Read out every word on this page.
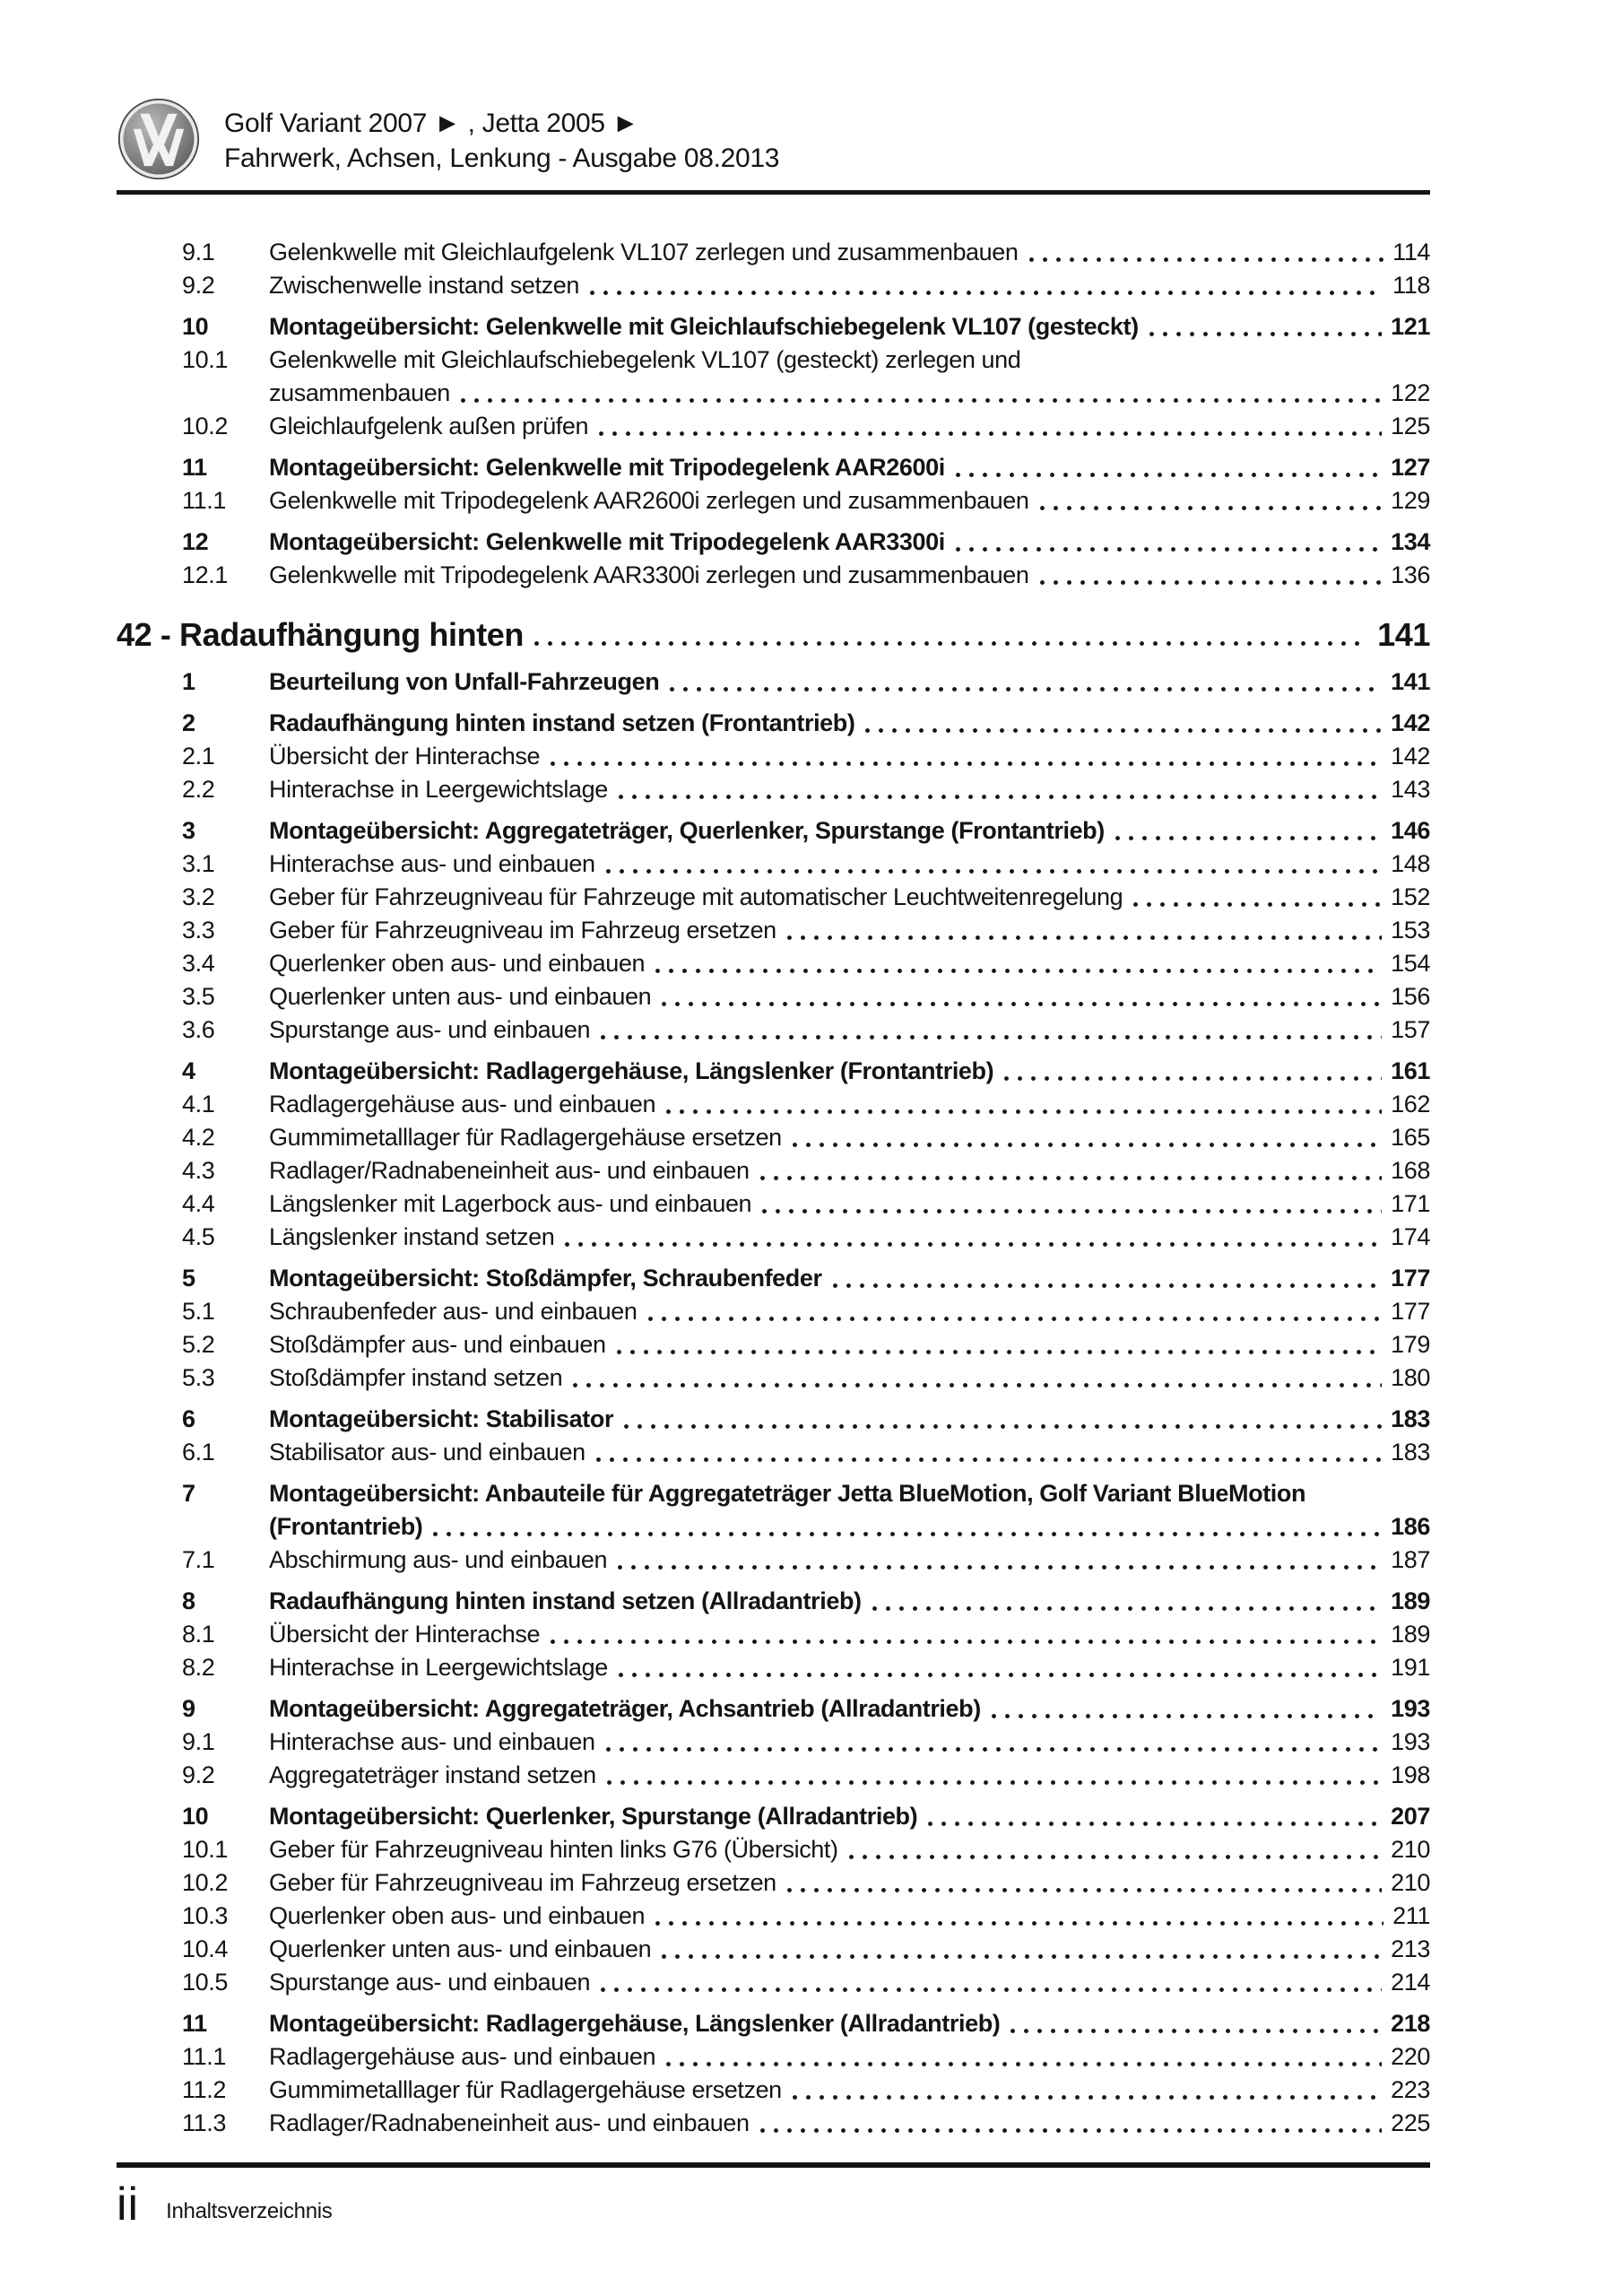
Golf Variant 2007 ► , Jetta 2005 ►
Fahrwerk, Achsen, Lenkung - Ausgabe 08.2013
9.1	Gelenkwelle mit Gleichlaufgelenk VL107 zerlegen und zusammenbauen	114
9.2	Zwischenwelle instand setzen	118
10	Montageübersicht: Gelenkwelle mit Gleichlaufschiebegelenk VL107 (gesteckt)	121
10.1	Gelenkwelle mit Gleichlaufschiebegelenk VL107 (gesteckt) zerlegen und
zusammenbauen	122
10.2	Gleichlaufgelenk außen prüfen	125
11	Montageübersicht: Gelenkwelle mit Tripodegelenk AAR2600i	127
11.1	Gelenkwelle mit Tripodegelenk AAR2600i zerlegen und zusammenbauen	129
12	Montageübersicht: Gelenkwelle mit Tripodegelenk AAR3300i	134
12.1	Gelenkwelle mit Tripodegelenk AAR3300i zerlegen und zusammenbauen	136
42 - Radaufhängung hinten	141
1	Beurteilung von Unfall-Fahrzeugen	141
2	Radaufhängung hinten instand setzen (Frontantrieb)	142
2.1	Übersicht der Hinterachse	142
2.2	Hinterachse in Leergewichtslage	143
3	Montageübersicht: Aggregateträger, Querlenker, Spurstange (Frontantrieb)	146
3.1	Hinterachse aus- und einbauen	148
3.2	Geber für Fahrzeugniveau für Fahrzeuge mit automatischer Leuchtweitenregelung	152
3.3	Geber für Fahrzeugniveau im Fahrzeug ersetzen	153
3.4	Querlenker oben aus- und einbauen	154
3.5	Querlenker unten aus- und einbauen	156
3.6	Spurstange aus- und einbauen	157
4	Montageübersicht: Radlagergehäuse, Längslenker (Frontantrieb)	161
4.1	Radlagergehäuse aus- und einbauen	162
4.2	Gummimetalllager für Radlagergehäuse ersetzen	165
4.3	Radlager/Radnabeneinheit aus- und einbauen	168
4.4	Längslenker mit Lagerbock aus- und einbauen	171
4.5	Längslenker instand setzen	174
5	Montageübersicht: Stoßdämpfer, Schraubenfeder	177
5.1	Schraubenfeder aus- und einbauen	177
5.2	Stoßdämpfer aus- und einbauen	179
5.3	Stoßdämpfer instand setzen	180
6	Montageübersicht: Stabilisator	183
6.1	Stabilisator aus- und einbauen	183
7	Montageübersicht: Anbauteile für Aggregateträger Jetta BlueMotion, Golf Variant BlueMotion
(Frontantrieb)	186
7.1	Abschirmung aus- und einbauen	187
8	Radaufhängung hinten instand setzen (Allradantrieb)	189
8.1	Übersicht der Hinterachse	189
8.2	Hinterachse in Leergewichtslage	191
9	Montageübersicht: Aggregateträger, Achsantrieb (Allradantrieb)	193
9.1	Hinterachse aus- und einbauen	193
9.2	Aggregateträger instand setzen	198
10	Montageübersicht: Querlenker, Spurstange (Allradantrieb)	207
10.1	Geber für Fahrzeugniveau hinten links G76 (Übersicht)	210
10.2	Geber für Fahrzeugniveau im Fahrzeug ersetzen	210
10.3	Querlenker oben aus- und einbauen	211
10.4	Querlenker unten aus- und einbauen	213
10.5	Spurstange aus- und einbauen	214
11	Montageübersicht: Radlagergehäuse, Längslenker (Allradantrieb)	218
11.1	Radlagergehäuse aus- und einbauen	220
11.2	Gummimetalllager für Radlagergehäuse ersetzen	223
11.3	Radlager/Radnabeneinheit aus- und einbauen	225
ii Inhaltsverzeichnis
